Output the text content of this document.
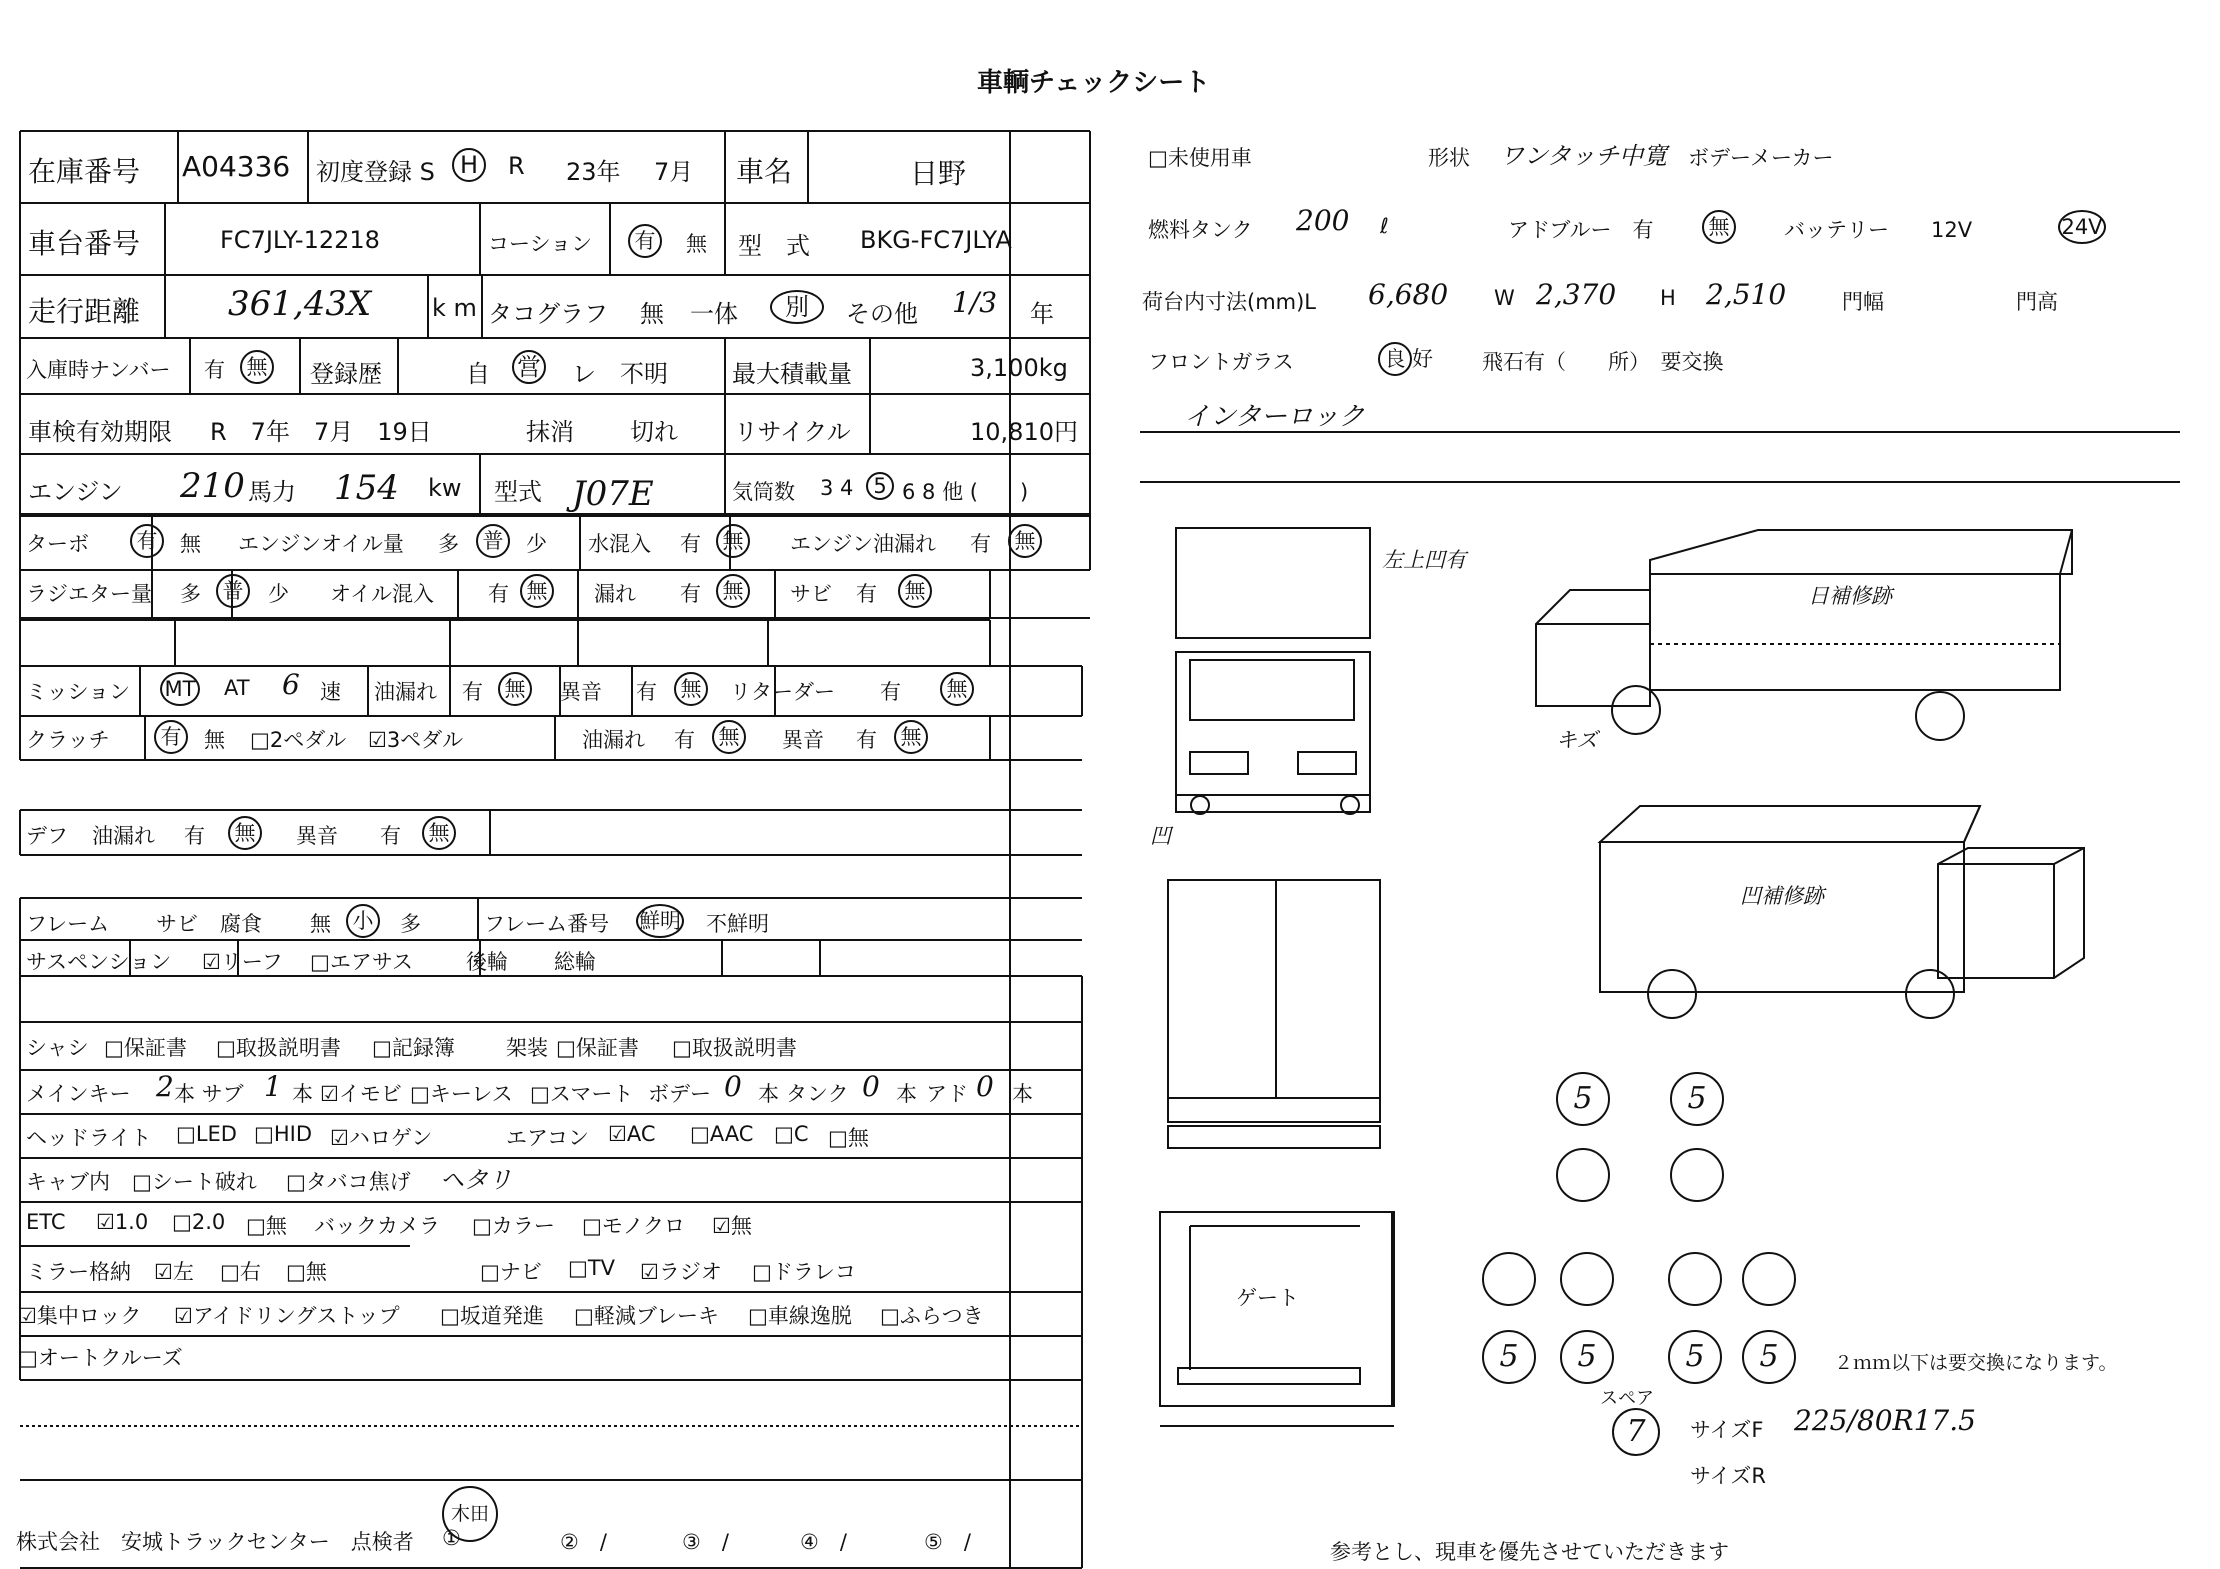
車輌チェックシート
在庫番号 A04336 初度登録 S	H	R 23年 7月 車名	日野
車台番号	FC7JLY-12218	コーション	有	無 型　式 BKG-FC7JLYA
走行距離	361,43X	k m タコグラフ 無 一体	別	その他 1/3 年
入庫時ナンバー 有	無 登録歴	自 営 レ 不明	最大積載量	3,100kg
車検有効期限 R　7年　7月　19日	抹消 切れ リサイクル	10,810円
エンジン 210 馬力 154 kw 型式 J07E	気筒数 3 4 5 6 8 他 (　　)
ターボ	有	無 エンジンオイル量 多	普	少 水混入 有	無	エンジン油漏れ 有	無
ラジエター量 多	普	少 オイル混入	有 無	漏れ 有	無	サビ 有	無
ミッション MT AT 6 速 油漏れ 有	無	異音 有	無	リターダー 有	無
クラッチ	有	無 □2ペダル ☑3ペダル	油漏れ 有	無	異音 有	無
デフ 油漏れ 有	無	異音 有	無
フレーム サビ 腐食 無	小	多	フレーム番号 鮮明 不鮮明
サスペンション ☑リーフ □エアサス	後輪 総輪
シャシ □保証書 □取扱説明書 □記録簿 架装 □保証書 □取扱説明書
メインキー 2 本 サブ 1 本 ☑イモビ □キーレス □スマート ボデー 0 本 タンク 0 本 アド 0 本
ヘッドライト □LED □HID ☑ハロゲン	エアコン ☑AC □AAC □C □無
キャブ内 □シート破れ □タバコ焦げ ヘタリ
ETC ☑1.0 □2.0 □無 バックカメラ □カラー □モノクロ ☑無
ミラー格納 ☑左 □右 □無	□ナビ □TV ☑ラジオ □ドラレコ
☑集中ロック ☑アイドリングストップ □坂道発進 □軽減ブレーキ □車線逸脱 □ふらつき
□オートクルーズ
株式会社　安城トラックセンター　点検者 ①
木田
②　/	③　/	④　/	⑤　/
□未使用車	形状 ワンタッチ中寛 ボデーメーカー
燃料タンク 200 ℓ	アドブルー　有	無	バッテリー　　12V	24V
荷台内寸法(mm)L 6,680 W 2,370 H 2,510	門幅	門高
フロントガラス	良 好 飛石有（　　所）　要交換
インターロック
左上凹有
日補修跡
凹補修跡
キズ
凹
ゲート
5	5
5	5	5	5	２ｍｍ以下は要交換になります。
スペア
7	サイズF 225/80R17.5
サイズR
参考とし、現車を優先させていただきます
